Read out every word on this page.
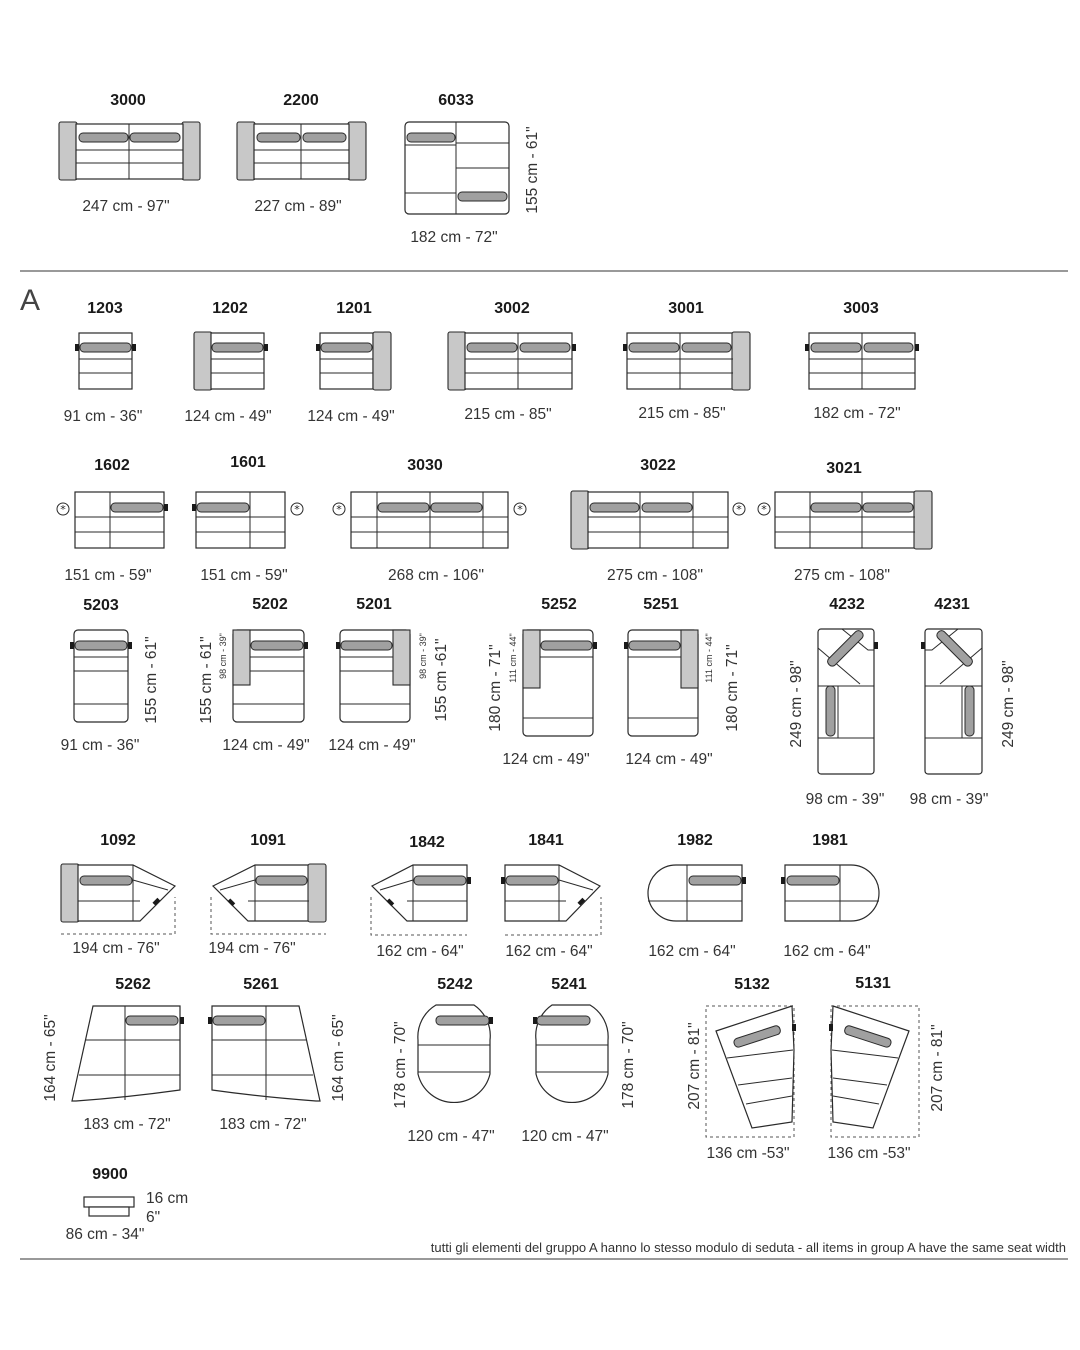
3000
247 cm - 97"
2200
227 cm - 89"
6033
155 cm - 61"
182 cm - 72"
A	1203
91 cm - 36"
1202
124 cm - 49"
1201
124 cm - 49"
3002
215 cm - 85"
3001
215 cm - 85"
3003
182 cm - 72"
1602
*
151 cm - 59"
1601
*
151 cm - 59"
3030
*	*
268 cm - 106"
3022
*
275 cm - 108"
3021
*
275 cm - 108"
5203
155 cm - 61"
91 cm - 36"
5202
155 cm - 61" 98 cm - 39"
124 cm - 49"
5201
98 cm - 39" 155 cm -61"
124 cm - 49"
5252
180 cm - 71" 111 cm - 44"
124 cm - 49"
5251
111 cm - 44" 180 cm - 71"
124 cm - 49"
4232
249 cm - 98"
98 cm - 39"
4231
249 cm - 98"
98 cm - 39"
1092
194 cm - 76"
1091
194 cm - 76"
1842
162 cm - 64"
1841
162 cm - 64"
1982
162 cm - 64"
1981
162 cm - 64"
5262
164 cm - 65"
183 cm - 72"
5261
164 cm - 65"
183 cm - 72"
5242
178 cm - 70"
120 cm - 47"
5241
178 cm - 70"
120 cm - 47"
5132
207 cm - 81"
136 cm -53"
5131
207 cm - 81"
136 cm -53"
9900
16 cm
6"
86 cm - 34"
tutti gli elementi del gruppo A hanno lo stesso modulo di seduta - all items in group A have the same seat width
